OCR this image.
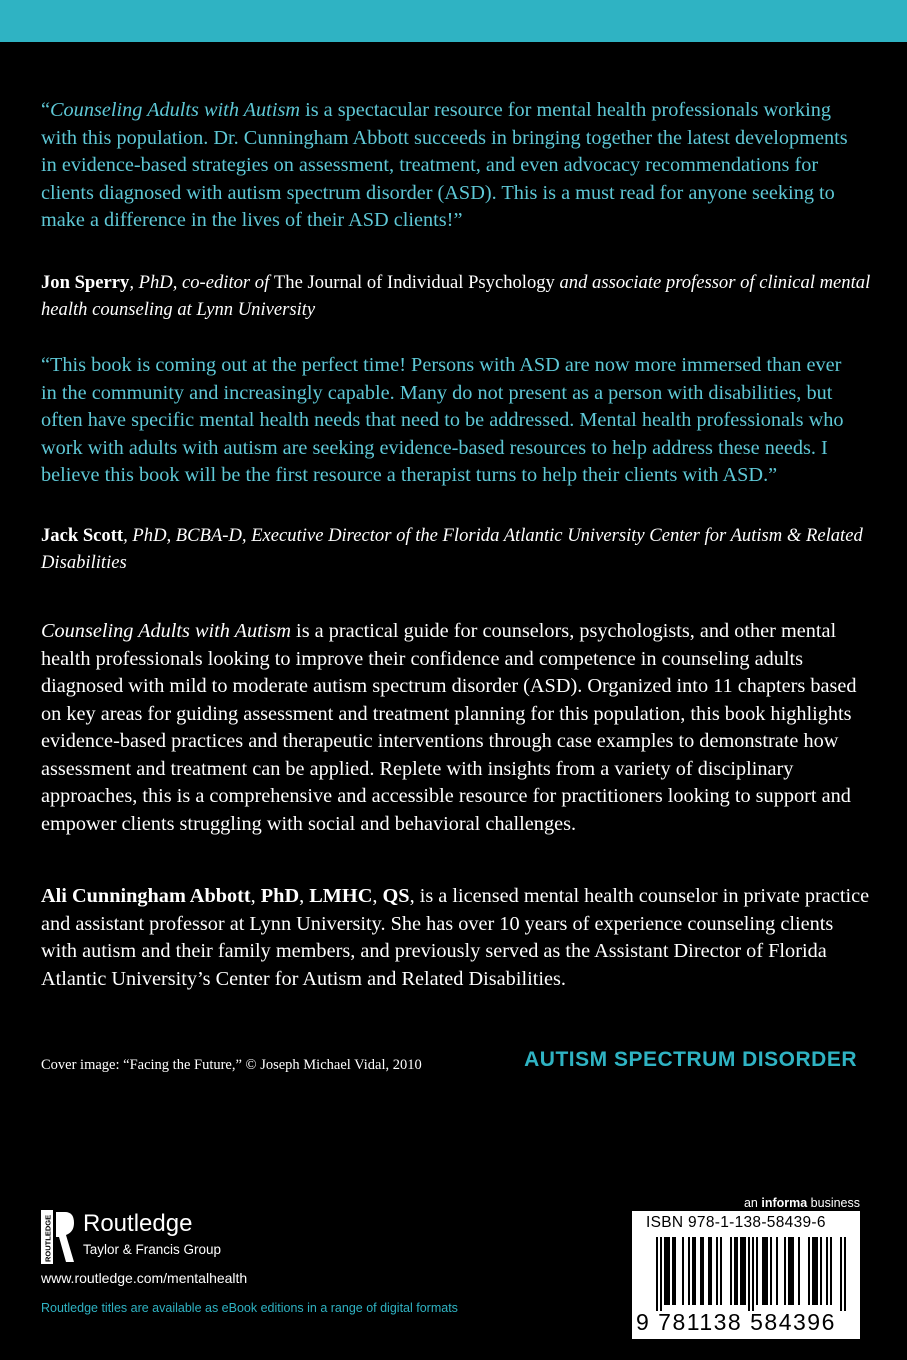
“Counseling Adults with Autism is a spectacular resource for mental health professionals working with this population. Dr. Cunningham Abbott succeeds in bringing together the latest developments in evidence-based strategies on assessment, treatment, and even advocacy recommendations for clients diagnosed with autism spectrum disorder (ASD). This is a must read for anyone seeking to make a difference in the lives of their ASD clients!”

Jon Sperry, PhD, co-editor of The Journal of Individual Psychology and associate professor of clinical mental health counseling at Lynn University

“This book is coming out at the perfect time! Persons with ASD are now more immersed than ever in the community and increasingly capable. Many do not present as a person with disabilities, but often have specific mental health needs that need to be addressed. Mental health professionals who work with adults with autism are seeking evidence-based resources to help address these needs. I believe this book will be the first resource a therapist turns to help their clients with ASD.”

Jack Scott, PhD, BCBA-D, Executive Director of the Florida Atlantic University Center for Autism & Related Disabilities

Counseling Adults with Autism is a practical guide for counselors, psychologists, and other mental health professionals looking to improve their confidence and competence in counseling adults diagnosed with mild to moderate autism spectrum disorder (ASD). Organized into 11 chapters based on key areas for guiding assessment and treatment planning for this population, this book highlights evidence-based practices and therapeutic interventions through case examples to demonstrate how assessment and treatment can be applied. Replete with insights from a variety of disciplinary approaches, this is a comprehensive and accessible resource for practitioners looking to support and empower clients struggling with social and behavioral challenges.

Ali Cunningham Abbott, PhD, LMHC, QS, is a licensed mental health counselor in private practice and assistant professor at Lynn University. She has over 10 years of experience counseling clients with autism and their family members, and previously served as the Assistant Director of Florida Atlantic University’s Center for Autism and Related Disabilities.

Cover image: “Facing the Future,” © Joseph Michael Vidal, 2010	AUTISM SPECTRUM DISORDER
ROUTLEDGE Routledge
Taylor & Francis Group
www.routledge.com/mentalhealth
Routledge titles are available as eBook editions in a range of digital formats
an informa business
ISBN 978-1-138-58439-6
9 781138 584396
